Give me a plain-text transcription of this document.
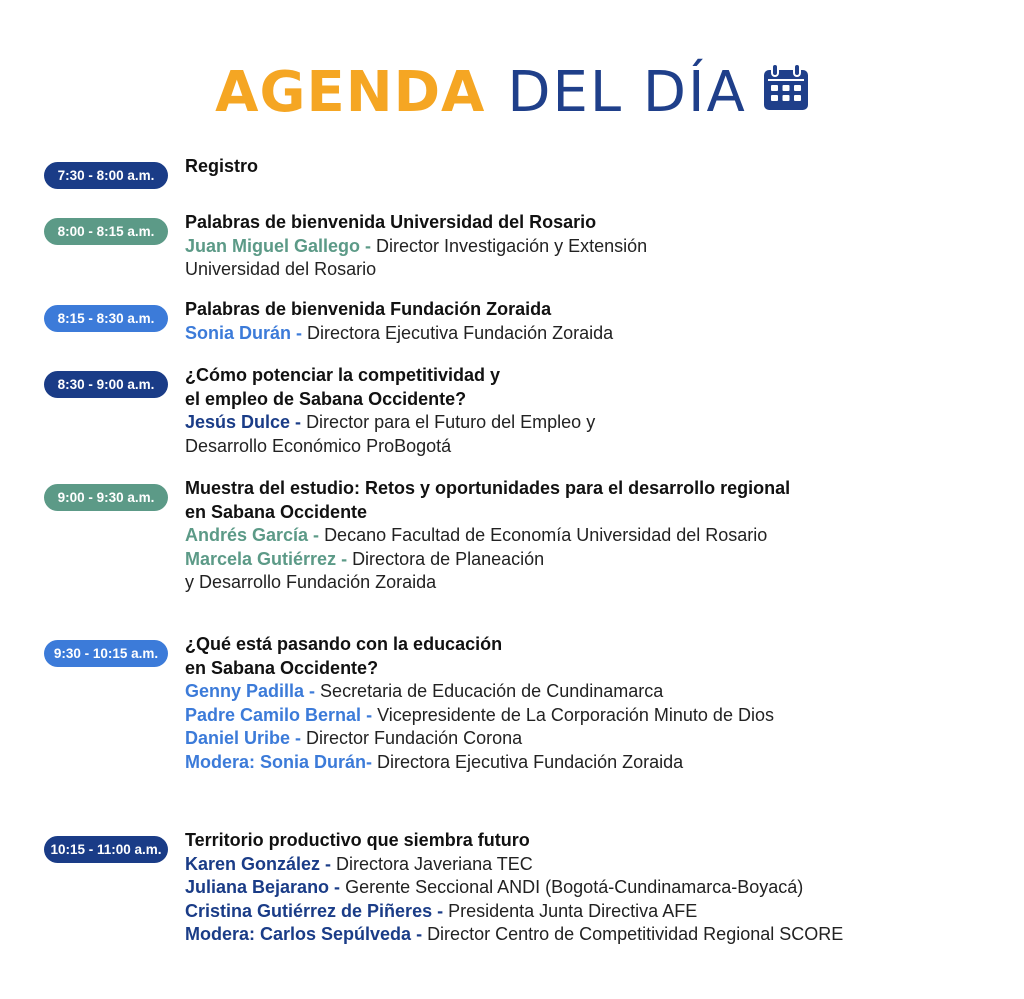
AGENDA DEL DÍA
7:30 - 8:00 a.m.	Registro
8:00 - 8:15 a.m.	Palabras de bienvenida Universidad del Rosario
Juan Miguel Gallego - Director Investigación y Extensión
Universidad del Rosario
8:15 - 8:30 a.m.	Palabras de bienvenida Fundación Zoraida
Sonia Durán - Directora Ejecutiva Fundación Zoraida
8:30 - 9:00 a.m.	¿Cómo potenciar la competitividad y
el empleo de Sabana Occidente?
Jesús Dulce - Director para el Futuro del Empleo y
Desarrollo Económico ProBogotá
9:00 - 9:30 a.m.	Muestra del estudio: Retos y oportunidades para el desarrollo regional
en Sabana Occidente
Andrés García - Decano Facultad de Economía Universidad del Rosario
Marcela Gutiérrez - Directora de Planeación
y Desarrollo Fundación Zoraida
9:30 - 10:15 a.m.	¿Qué está pasando con la educación
en Sabana Occidente?
Genny Padilla - Secretaria de Educación de Cundinamarca
Padre Camilo Bernal - Vicepresidente de La Corporación Minuto de Dios
Daniel Uribe - Director Fundación Corona
Modera: Sonia Durán- Directora Ejecutiva Fundación Zoraida
10:15 - 11:00 a.m.	Territorio productivo que siembra futuro
Karen González - Directora Javeriana TEC
Juliana Bejarano - Gerente Seccional ANDI (Bogotá-Cundinamarca-Boyacá)
Cristina Gutiérrez de Piñeres - Presidenta Junta Directiva AFE
Modera: Carlos Sepúlveda - Director Centro de Competitividad Regional SCORE
